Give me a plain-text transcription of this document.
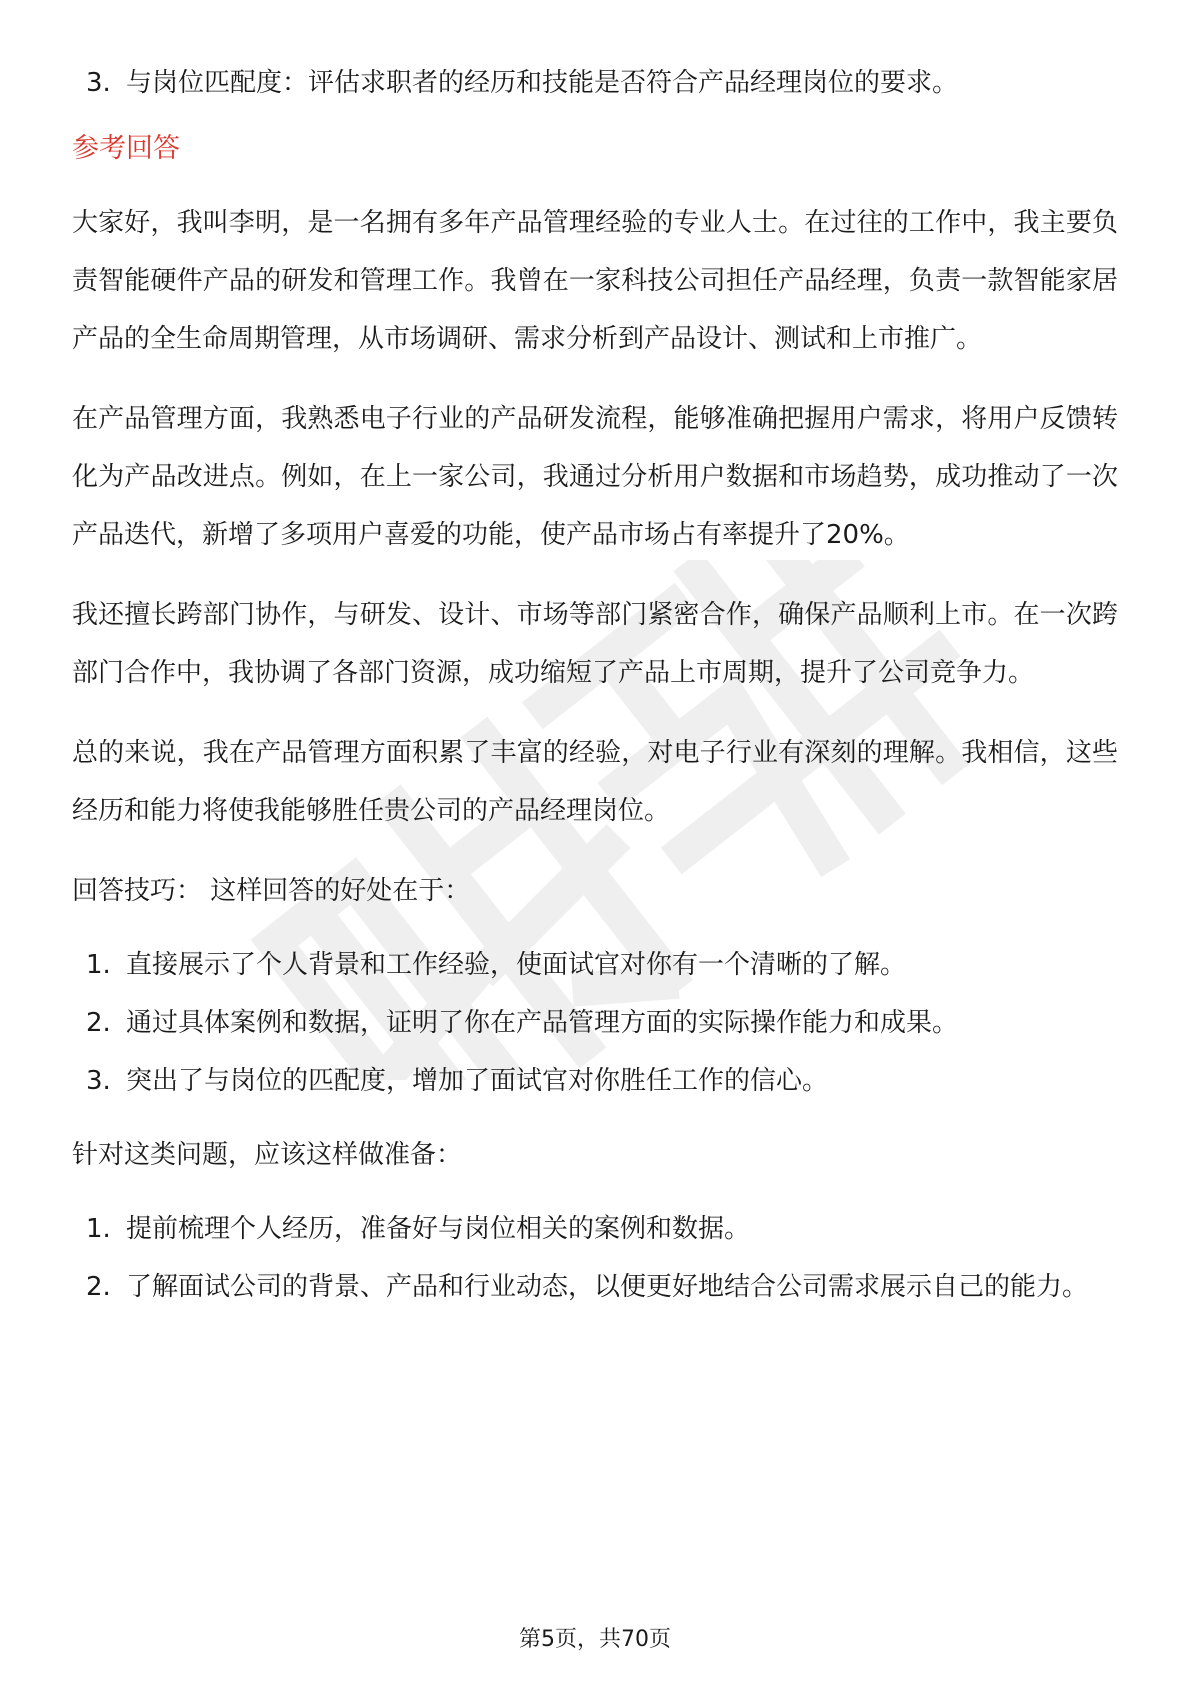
3. 与岗位匹配度：评估求职者的经历和技能是否符合产品经理岗位的要求。
参考回答

大家好，我叫李明，是一名拥有多年产品管理经验的专业人士。在过往的工作中，我主要负责智能硬件产品的研发和管理工作。我曾在一家科技公司担任产品经理，负责一款智能家居产品的全生命周期管理，从市场调研、需求分析到产品设计、测试和上市推广。

在产品管理方面，我熟悉电子行业的产品研发流程，能够准确把握用户需求，将用户反馈转化为产品改进点。例如，在上一家公司，我通过分析用户数据和市场趋势，成功推动了一次产品迭代，新增了多项用户喜爱的功能，使产品市场占有率提升了20%。

我还擅长跨部门协作，与研发、设计、市场等部门紧密合作，确保产品顺利上市。在一次跨部门合作中，我协调了各部门资源，成功缩短了产品上市周期，提升了公司竞争力。

总的来说，我在产品管理方面积累了丰富的经验，对电子行业有深刻的理解。我相信，这些经历和能力将使我能够胜任贵公司的产品经理岗位。

回答技巧： 这样回答的好处在于：

1. 直接展示了个人背景和工作经验，使面试官对你有一个清晰的了解。
2. 通过具体案例和数据，证明了你在产品管理方面的实际操作能力和成果。
3. 突出了与岗位的匹配度，增加了面试官对你胜任工作的信心。

针对这类问题，应该这样做准备：

1. 提前梳理个人经历，准备好与岗位相关的案例和数据。
2. 了解面试公司的背景、产品和行业动态，以便更好地结合公司需求展示自己的能力。
第5页，共70页
